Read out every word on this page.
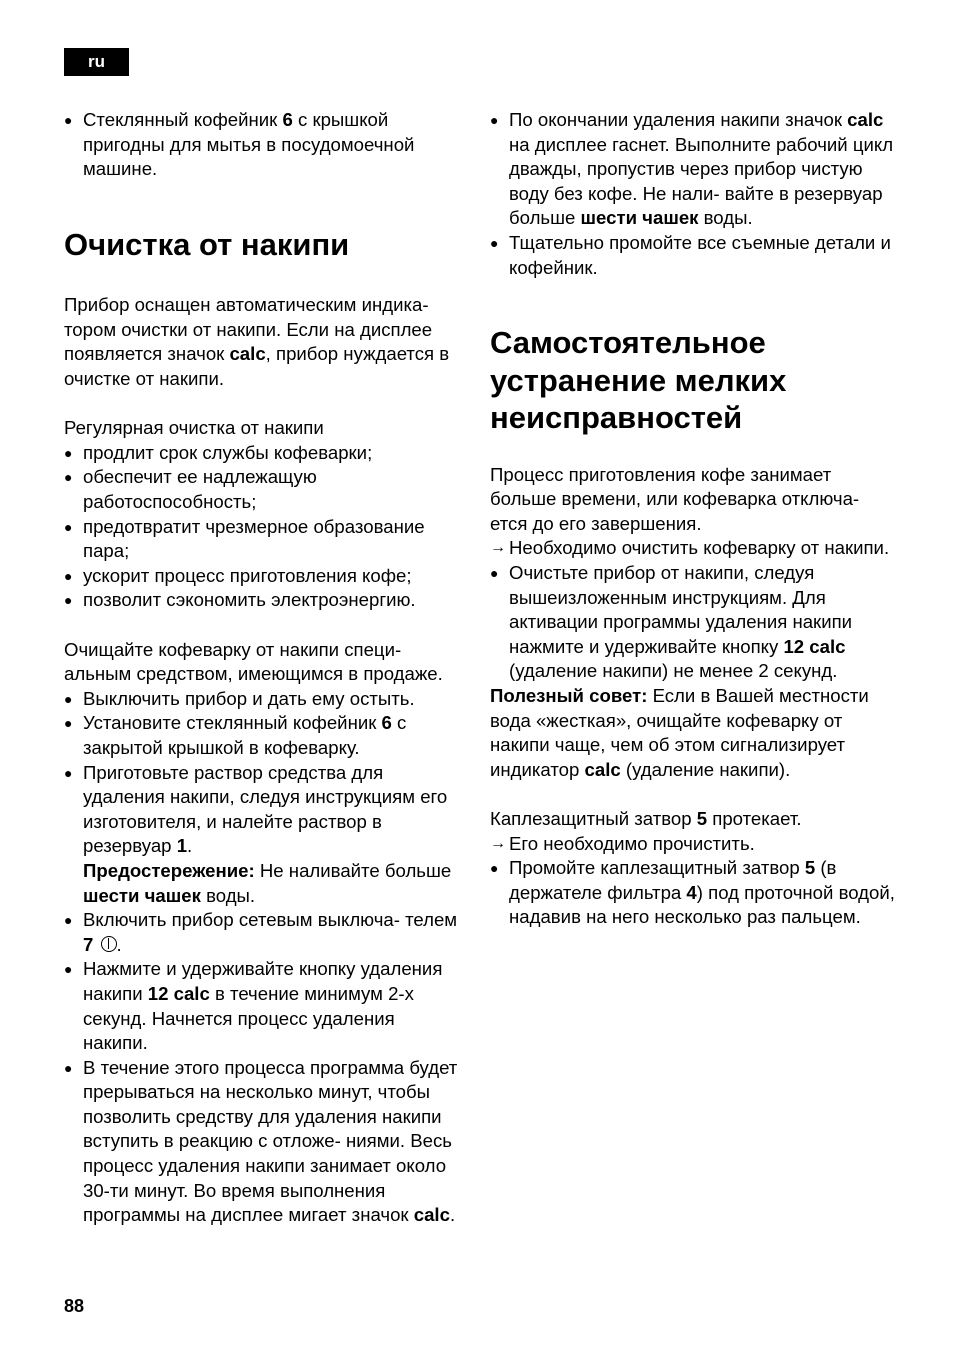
ru
● Стеклянный кофейник 6 с крышкой пригодны для мытья в посудомоечной машине.
Очистка от накипи

Прибор оснащен автоматическим индика- тором очистки от накипи. Если на дисплее появляется значок calc, прибор нуждается в очистке от накипи.

Регулярная очистка от накипи

● продлит срок службы кофеварки;
● обеспечит ее надлежащую работоспособность;
● предотвратит чрезмерное образование пара;
● ускорит процесс приготовления кофе;
● позволит сэкономить электроэнергию.

Очищайте кофеварку от накипи специ- альным средством, имеющимся в продаже.

● Выключить прибор и дать ему остыть.
● Установите стеклянный кофейник 6 с закрытой крышкой в кофеварку.
● Приготовьте раствор средства для удаления накипи, следуя инструкциям его изготовителя, и налейте раствор в резервуар 1.
Предостережение: Не наливайте больше шести чашек воды.
● Включить прибор сетевым выключа- телем 7 .
● Нажмите и удерживайте кнопку удаления накипи 12 calc в течение минимум 2-х секунд. Начнется процесс удаления накипи.
● В течение этого процесса программа будет прерываться на несколько минут, чтобы позволить средству для удаления накипи вступить в реакцию с отложе- ниями. Весь процесс удаления накипи занимает около 30-ти минут. Во время выполнения программы на дисплее мигает значок calc.
● По окончании удаления накипи значок calc на дисплее гаснет. Выполните рабочий цикл дважды, пропустив через прибор чистую воду без кофе. Не нали- вайте в резервуар больше шести чашек воды.
● Тщательно промойте все съемные детали и кофейник.
Самостоятельное устранение мелких неисправностей

Процесс приготовления кофе занимает больше времени, или кофеварка отключа- ется до его завершения.

→ Необходимо очистить кофеварку от накипи.
● Очистьте прибор от накипи, следуя вышеизложенным инструкциям. Для активации программы удаления накипи нажмите и удерживайте кнопку 12 calc (удаление накипи) не менее 2 секунд.

Полезный совет: Если в Вашей местности вода «жесткая», очищайте кофеварку от накипи чаще, чем об этом сигнализирует индикатор calc (удаление накипи).

Каплезащитный затвор 5 протекает.

→ Его необходимо прочистить.
● Промойте каплезащитный затвор 5 (в держателе фильтра 4) под проточной водой, надавив на него несколько раз пальцем.
88
